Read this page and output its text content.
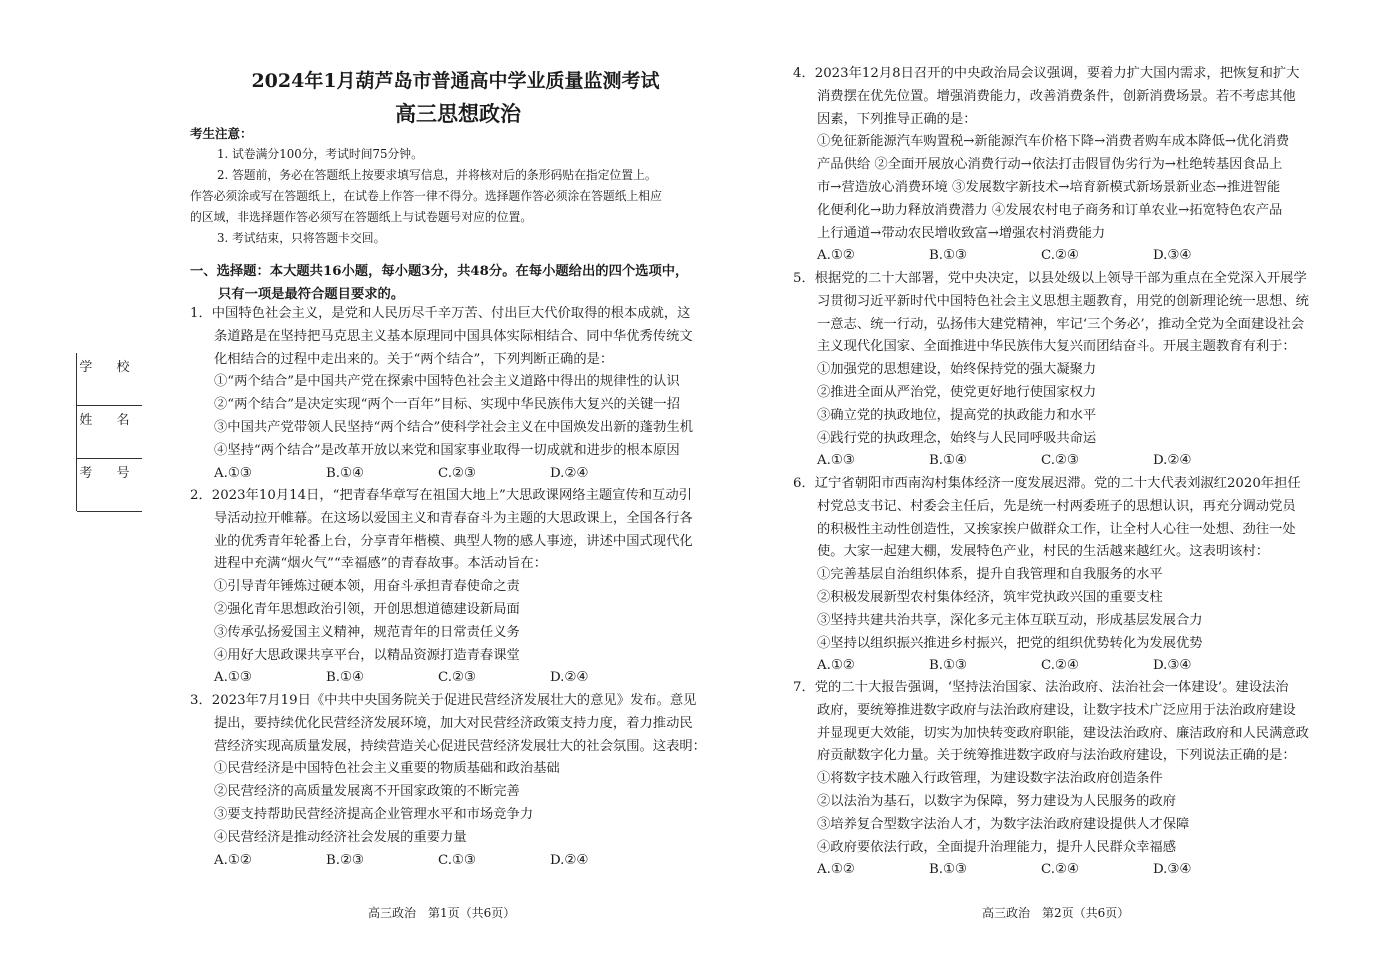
2024年1月葫芦岛市普通高中学业质量监测考试
高三思想政治
考生注意：
1. 试卷满分100分，考试时间75分钟。
2. 答题前，务必在答题纸上按要求填写信息，并将核对后的条形码贴在指定位置上。
作答必须涂或写在答题纸上，在试卷上作答一律不得分。选择题作答必须涂在答题纸上相应
的区域，非选择题作答必须写在答题纸上与试卷题号对应的位置。
3. 考试结束，只将答题卡交回。
学 校
姓 名
考 号
一、选择题：本大题共16小题，每小题3分，共48分。在每小题给出的四个选项中，
只有一项是最符合题目要求的。
1．中国特色社会主义，是党和人民历尽千辛万苦、付出巨大代价取得的根本成就，这
条道路是在坚持把马克思主义基本原理同中国具体实际相结合、同中华优秀传统文
化相结合的过程中走出来的。关于“两个结合”，下列判断正确的是：
①“两个结合”是中国共产党在探索中国特色社会主义道路中得出的规律性的认识
②“两个结合”是决定实现“两个一百年”目标、实现中华民族伟大复兴的关键一招
③中国共产党带领人民坚持“两个结合”使科学社会主义在中国焕发出新的蓬勃生机
④坚持“两个结合”是改革开放以来党和国家事业取得一切成就和进步的根本原因
A.①③	B.①④	C.②③	D.②④
2．2023年10月14日，“把青春华章写在祖国大地上”大思政课网络主题宣传和互动引
导活动拉开帷幕。在这场以爱国主义和青春奋斗为主题的大思政课上，全国各行各
业的优秀青年轮番上台，分享青年楷模、典型人物的感人事迹，讲述中国式现代化
进程中充满“烟火气”“幸福感”的青春故事。本活动旨在：
①引导青年锤炼过硬本领，用奋斗承担青春使命之责
②强化青年思想政治引领，开创思想道德建设新局面
③传承弘扬爱国主义精神，规范青年的日常责任义务
④用好大思政课共享平台，以精品资源打造青春课堂
A.①③	B.①④	C.②③	D.②④
3．2023年7月19日《中共中央国务院关于促进民营经济发展壮大的意见》发布。意见
提出，要持续优化民营经济发展环境，加大对民营经济政策支持力度，着力推动民
营经济实现高质量发展，持续营造关心促进民营经济发展壮大的社会氛围。这表明：
①民营经济是中国特色社会主义重要的物质基础和政治基础
②民营经济的高质量发展离不开国家政策的不断完善
③要支持帮助民营经济提高企业管理水平和市场竞争力
④民营经济是推动经济社会发展的重要力量
A.①②	B.②③	C.①③	D.②④
高三政治　第1页（共6页）
4．2023年12月8日召开的中央政治局会议强调，要着力扩大国内需求，把恢复和扩大
消费摆在优先位置。增强消费能力，改善消费条件，创新消费场景。若不考虑其他
因素，下列推导正确的是：
①免征新能源汽车购置税→新能源汽车价格下降→消费者购车成本降低→优化消费
产品供给 ②全面开展放心消费行动→依法打击假冒伪劣行为→杜绝转基因食品上
市→营造放心消费环境 ③发展数字新技术→培育新模式新场景新业态→推进智能
化便利化→助力释放消费潜力 ④发展农村电子商务和订单农业→拓宽特色农产品
上行通道→带动农民增收致富→增强农村消费能力
A.①②	B.①③	C.②④	D.③④
5．根据党的二十大部署，党中央决定，以县处级以上领导干部为重点在全党深入开展学
习贯彻习近平新时代中国特色社会主义思想主题教育，用党的创新理论统一思想、统
一意志、统一行动，弘扬伟大建党精神，牢记‘三个务必’，推动全党为全面建设社会
主义现代化国家、全面推进中华民族伟大复兴而团结奋斗。开展主题教育有利于：
①加强党的思想建设，始终保持党的强大凝聚力
②推进全面从严治党，使党更好地行使国家权力
③确立党的执政地位，提高党的执政能力和水平
④践行党的执政理念，始终与人民同呼吸共命运
A.①③	B.①④	C.②③	D.②④
6．辽宁省朝阳市西南沟村集体经济一度发展迟滞。党的二十大代表刘淑红2020年担任
村党总支书记、村委会主任后，先是统一村两委班子的思想认识，再充分调动党员
的积极性主动性创造性，又挨家挨户做群众工作，让全村人心往一处想、劲往一处
使。大家一起建大棚，发展特色产业，村民的生活越来越红火。这表明该村：
①完善基层自治组织体系，提升自我管理和自我服务的水平
②积极发展新型农村集体经济，筑牢党执政兴国的重要支柱
③坚持共建共治共享，深化多元主体互联互动，形成基层发展合力
④坚持以组织振兴推进乡村振兴，把党的组织优势转化为发展优势
A.①②	B.①③	C.②④	D.③④
7．党的二十大报告强调，‘坚持法治国家、法治政府、法治社会一体建设’。建设法治
政府，要统筹推进数字政府与法治政府建设，让数字技术广泛应用于法治政府建设
并显现更大效能，切实为加快转变政府职能，建设法治政府、廉洁政府和人民满意政
府贡献数字化力量。关于统筹推进数字政府与法治政府建设，下列说法正确的是：
①将数字技术融入行政管理，为建设数字法治政府创造条件
②以法治为基石，以数字为保障，努力建设为人民服务的政府
③培养复合型数字法治人才，为数字法治政府建设提供人才保障
④政府要依法行政，全面提升治理能力，提升人民群众幸福感
A.①②	B.①③	C.②④	D.③④
高三政治　第2页（共6页）
